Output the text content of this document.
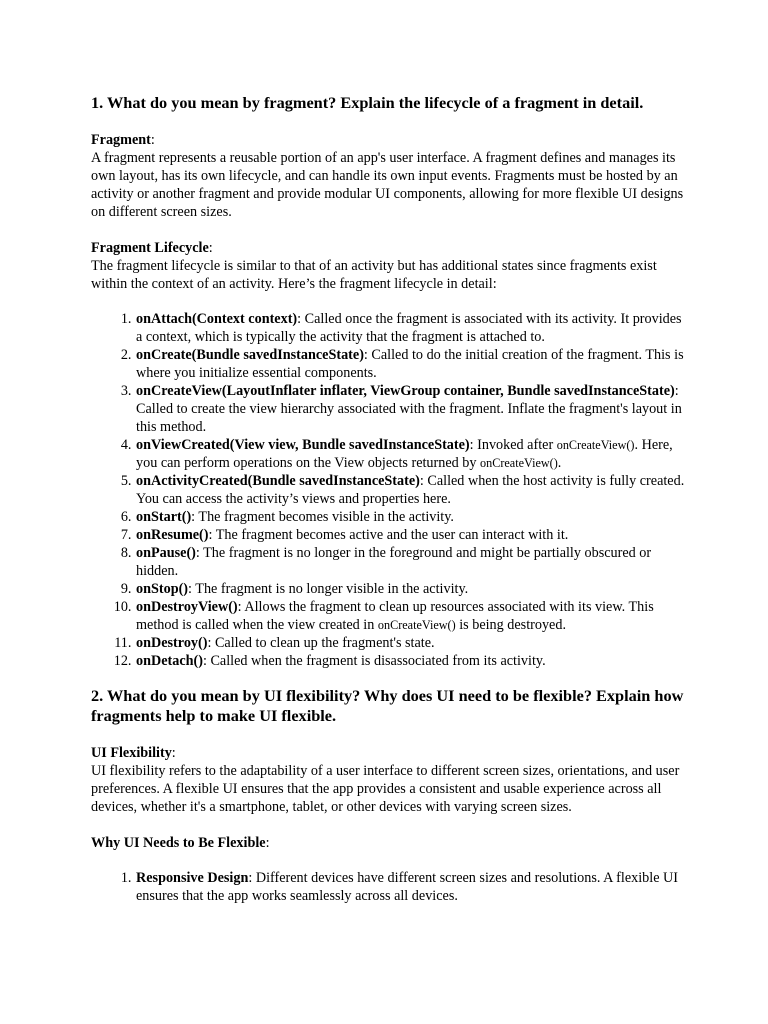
1. What do you mean by fragment? Explain the lifecycle of a fragment in detail.
Fragment:

A fragment represents a reusable portion of an app's user interface. A fragment defines and manages its own layout, has its own lifecycle, and can handle its own input events. Fragments must be hosted by an activity or another fragment and provide modular UI components, allowing for more flexible UI designs on different screen sizes.

Fragment Lifecycle:

The fragment lifecycle is similar to that of an activity but has additional states since fragments exist within the context of an activity. Here’s the fragment lifecycle in detail:

1. onAttach(Context context): Called once the fragment is associated with its activity. It provides a context, which is typically the activity that the fragment is attached to.
2. onCreate(Bundle savedInstanceState): Called to do the initial creation of the fragment. This is where you initialize essential components.
3. onCreateView(LayoutInflater inflater, ViewGroup container, Bundle savedInstanceState): Called to create the view hierarchy associated with the fragment. Inflate the fragment's layout in this method.
4. onViewCreated(View view, Bundle savedInstanceState): Invoked after onCreateView(). Here, you can perform operations on the View objects returned by onCreateView().
5. onActivityCreated(Bundle savedInstanceState): Called when the host activity is fully created. You can access the activity’s views and properties here.
6. onStart(): The fragment becomes visible in the activity.
7. onResume(): The fragment becomes active and the user can interact with it.
8. onPause(): The fragment is no longer in the foreground and might be partially obscured or hidden.
9. onStop(): The fragment is no longer visible in the activity.
10. onDestroyView(): Allows the fragment to clean up resources associated with its view. This method is called when the view created in onCreateView() is being destroyed.
11. onDestroy(): Called to clean up the fragment's state.
12. onDetach(): Called when the fragment is disassociated from its activity.
2. What do you mean by UI flexibility? Why does UI need to be flexible? Explain how fragments help to make UI flexible.
UI Flexibility:

UI flexibility refers to the adaptability of a user interface to different screen sizes, orientations, and user preferences. A flexible UI ensures that the app provides a consistent and usable experience across all devices, whether it's a smartphone, tablet, or other devices with varying screen sizes.

Why UI Needs to Be Flexible:
1. Responsive Design: Different devices have different screen sizes and resolutions. A flexible UI ensures that the app works seamlessly across all devices.
